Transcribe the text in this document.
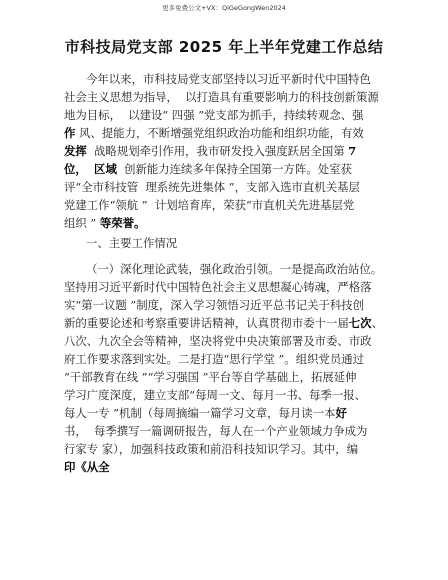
更多免费公文+VX：QiGeGongWen2024
市科技局党支部 2025 年上半年党建工作总结
今年以来，市科技局党支部坚持以习近平新时代中国特色
社会主义思想为指导，  以打造具有重要影响力的科技创新策源
地为目标，  以建设“ 四强 ”党支部为抓手，持续转观念、强
作 风、提能力，不断增强党组织政治功能和组织功能，有效
发挥  战略规划牵引作用，我市研发投入强度跃居全国第 7
位， 区域  创新能力连续多年保持全国第一方阵。处室获
评“全市科技管  理系统先进集体 ”，支部入选市直机关基层
党建工作“领航 ”  计划培育库，荣获“市直机关先进基层党
组织 ” 等荣誉。
一、主要工作情况
（一）深化理论武装，强化政治引领。一是提高政治站位。
坚持用习近平新时代中国特色社会主义思想凝心铸魂，严格落
实“第一议题 ”制度，深入学习领悟习近平总书记关于科技创
新的重要论述和考察重要讲话精神，认真贯彻市委十一届七次、
八次、九次全会等精神，坚决将党中央决策部署及市委、市政
府工作要求落到实处。二是打造“思行学堂 ”。组织党员通过
“干部教育在线 ”“学习强国 ”平台等自学基础上，拓展延伸
学习广度深度，建立支部“每周一文、每月一书、每季一报、
每人一专 ”机制（每周摘编一篇学习文章，每月读一本好
书，  每季撰写一篇调研报告，每人在一个产业领域力争成为
行家专 家），加强科技政策和前沿科技知识学习。其中，编
印《从全
